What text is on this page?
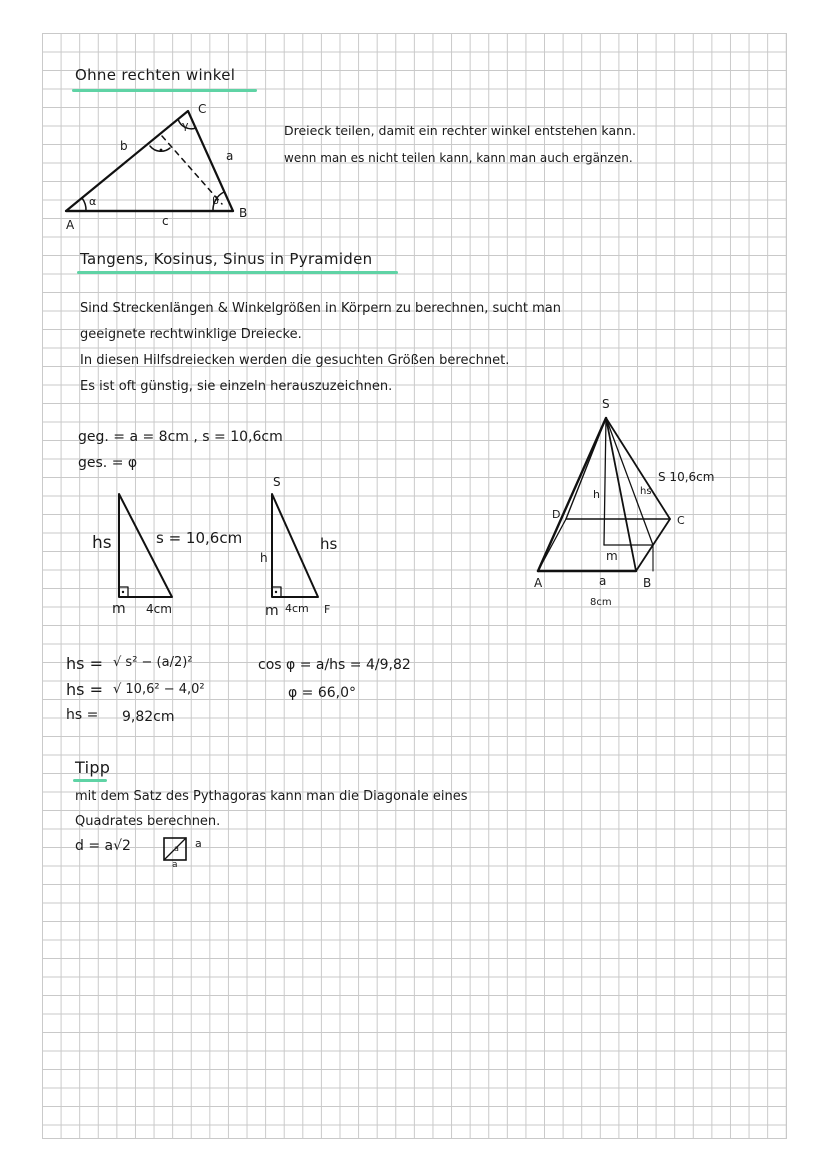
Ohne rechten winkel
A
B
C
a
b
c
α	β
γ	Dreieck teilen, damit ein rechter winkel entstehen kann.
wenn man es nicht teilen kann, kann man auch ergänzen.
Tangens, Kosinus, Sinus in Pyramiden
Sind Streckenlängen & Winkelgrößen in Körpern zu berechnen, sucht man
geeignete rechtwinklige Dreiecke.
In diesen Hilfsdreiecken werden die gesuchten Größen berechnet.
Es ist oft günstig, sie einzeln herauszuzeichnen.
geg. = a = 8cm , s = 10,6cm
ges. = φ
hs	s = 10,6cm
m 4cm
S
h
hs
m 4cm F
S
S 10,6cm
h	hs
D	C
A	B
m
a
8cm
hs = √ s² − (a/2)²
hs = √ 10,6² − 4,0²
hs = 9,82cm
cos φ = a/hs = 4/9,82
φ = 66,0°
Tipp
mit dem Satz des Pythagoras kann man die Diagonale eines
Quadrates berechnen.
d = a√2	a a
a
